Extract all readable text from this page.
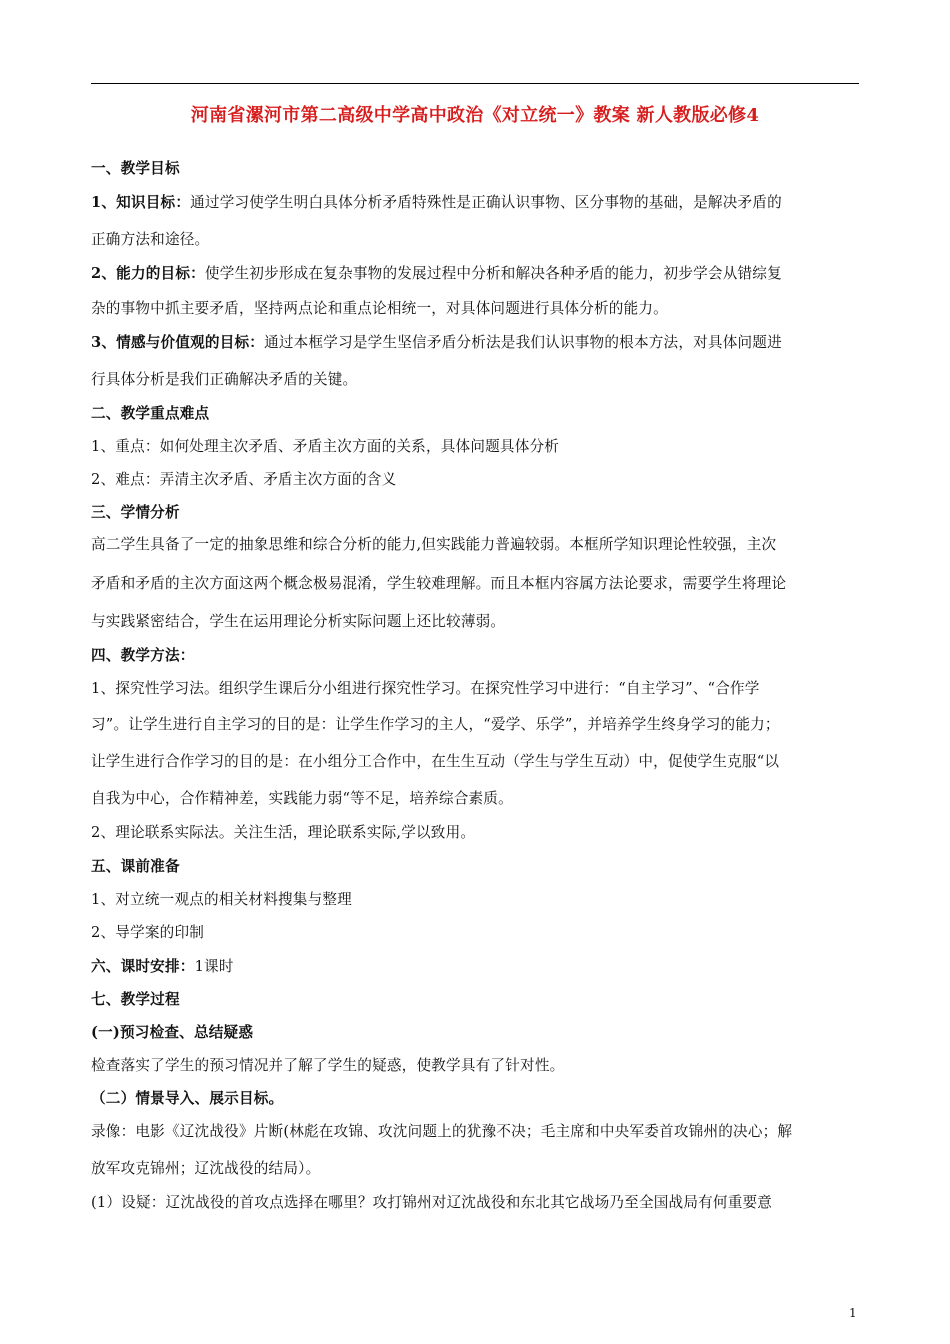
河南省漯河市第二高级中学高中政治《对立统一》教案 新人教版必修4
一、教学目标
1、知识目标：通过学习使学生明白具体分析矛盾特殊性是正确认识事物、区分事物的基础，是解决矛盾的
正确方法和途径。
2、能力的目标：使学生初步形成在复杂事物的发展过程中分析和解决各种矛盾的能力，初步学会从错综复
杂的事物中抓主要矛盾，坚持两点论和重点论相统一，对具体问题进行具体分析的能力。
3、情感与价值观的目标：通过本框学习是学生坚信矛盾分析法是我们认识事物的根本方法，对具体问题进
行具体分析是我们正确解决矛盾的关键。
二、教学重点难点
1、重点：如何处理主次矛盾、矛盾主次方面的关系，具体问题具体分析
2、难点：弄清主次矛盾、矛盾主次方面的含义
三、学情分析
高二学生具备了一定的抽象思维和综合分析的能力,但实践能力普遍较弱。本框所学知识理论性较强，主次
矛盾和矛盾的主次方面这两个概念极易混淆，学生较难理解。而且本框内容属方法论要求，需要学生将理论
与实践紧密结合，学生在运用理论分析实际问题上还比较薄弱。
四、教学方法：
1、探究性学习法。组织学生课后分小组进行探究性学习。在探究性学习中进行：“自主学习”、“合作学
习”。让学生进行自主学习的目的是：让学生作学习的主人，“爱学、乐学”，并培养学生终身学习的能力；
让学生进行合作学习的目的是：在小组分工合作中，在生生互动（学生与学生互动）中，促使学生克服“以
自我为中心，合作精神差，实践能力弱“等不足，培养综合素质。
2、理论联系实际法。关注生活，理论联系实际,学以致用。
五、课前准备
1、对立统一观点的相关材料搜集与整理
2、导学案的印制
六、课时安排：1课时
七、教学过程
(一)预习检查、总结疑惑
检查落实了学生的预习情况并了解了学生的疑惑，使教学具有了针对性。
（二）情景导入、展示目标。
录像：电影《辽沈战役》片断(林彪在攻锦、攻沈问题上的犹豫不决；毛主席和中央军委首攻锦州的决心；解
放军攻克锦州；辽沈战役的结局）。
(1）设疑：辽沈战役的首攻点选择在哪里？攻打锦州对辽沈战役和东北其它战场乃至全国战局有何重要意
1
